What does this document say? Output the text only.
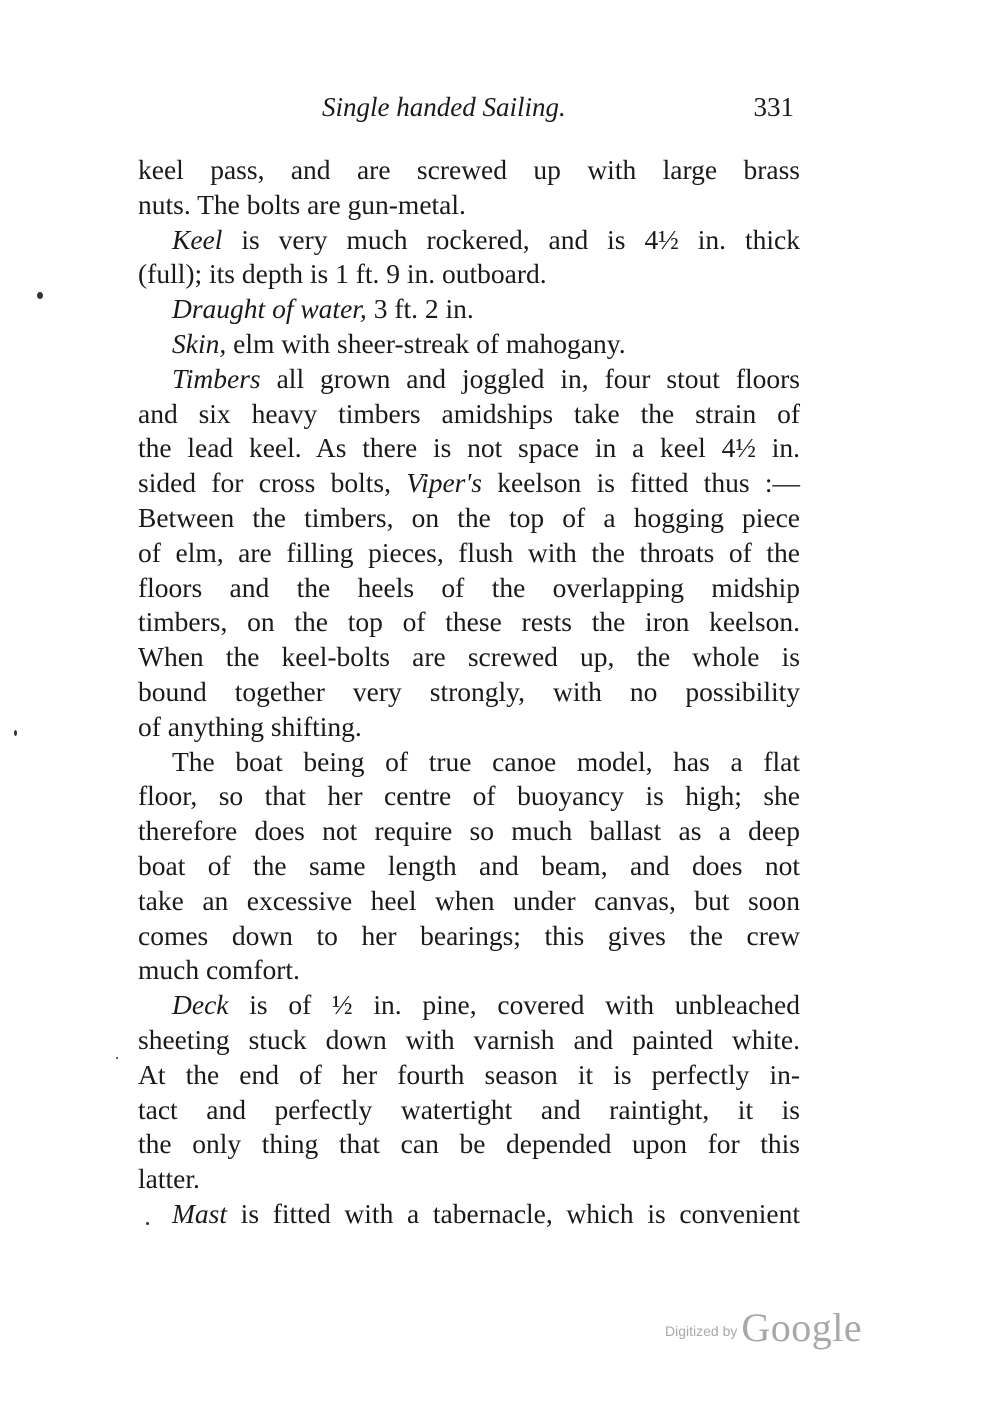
Single handed Sailing.	331
keel pass, and are screwed up with large brass
nuts. The bolts are gun-metal.
Keel is very much rockered, and is 4½ in. thick
(full); its depth is 1 ft. 9 in. outboard.
Draught of water, 3 ft. 2 in.
Skin, elm with sheer-streak of mahogany.
Timbers all grown and joggled in, four stout floors
and six heavy timbers amidships take the strain of
the lead keel. As there is not space in a keel 4½ in.
sided for cross bolts, Viper's keelson is fitted thus :—
Between the timbers, on the top of a hogging piece
of elm, are filling pieces, flush with the throats of the
floors and the heels of the overlapping midship
timbers, on the top of these rests the iron keelson.
When the keel-bolts are screwed up, the whole is
bound together very strongly, with no possibility
of anything shifting.
The boat being of true canoe model, has a flat
floor, so that her centre of buoyancy is high; she
therefore does not require so much ballast as a deep
boat of the same length and beam, and does not
take an excessive heel when under canvas, but soon
comes down to her bearings; this gives the crew
much comfort.
Deck is of ½ in. pine, covered with unbleached
sheeting stuck down with varnish and painted white.
At the end of her fourth season it is perfectly in-
tact and perfectly watertight and raintight, it is
the only thing that can be depended upon for this
latter.
Mast is fitted with a tabernacle, which is convenient
Digitized by Google
